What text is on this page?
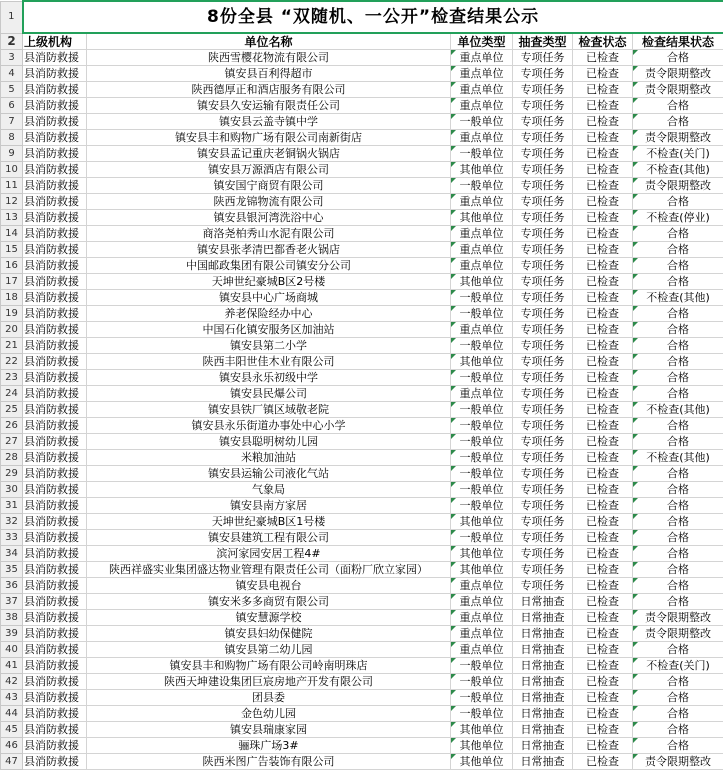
1	8份全县 “双随机、一公开”检查结果公示					
2	上级机构	单位名称	单位类型	抽查类型	检查状态	检查结果状态
3	县消防救援	陕西雪樱花物流有限公司	重点单位	专项任务	已检查	合格
4	县消防救援	镇安县百利得超市	重点单位	专项任务	已检查	责令限期整改
5	县消防救援	陕西德厚正和酒店服务有限公司	重点单位	专项任务	已检查	责令限期整改
6	县消防救援	镇安县久安运输有限责任公司	重点单位	专项任务	已检查	合格
7	县消防救援	镇安县云盖寺镇中学	一般单位	专项任务	已检查	合格
8	县消防救援	镇安县丰和购物广场有限公司南新街店	重点单位	专项任务	已检查	责令限期整改
9	县消防救援	镇安县孟记重庆老铜锅火锅店	一般单位	专项任务	已检查	不检查(关门)
10	县消防救援	镇安县万源酒店有限公司	其他单位	专项任务	已检查	不检查(其他)
11	县消防救援	镇安国宁商贸有限公司	一般单位	专项任务	已检查	责令限期整改
12	县消防救援	陕西龙锦物流有限公司	重点单位	专项任务	已检查	合格
13	县消防救援	镇安县银河湾洗浴中心	其他单位	专项任务	已检查	不检查(停业)
14	县消防救援	商洛尧柏秀山水泥有限公司	重点单位	专项任务	已检查	合格
15	县消防救援	镇安县张孝清巴都香老火锅店	重点单位	专项任务	已检查	合格
16	县消防救援	中国邮政集团有限公司镇安分公司	重点单位	专项任务	已检查	合格
17	县消防救援	天坤世纪豪城B区2号楼	其他单位	专项任务	已检查	合格
18	县消防救援	镇安县中心广场商城	一般单位	专项任务	已检查	不检查(其他)
19	县消防救援	养老保险经办中心	一般单位	专项任务	已检查	合格
20	县消防救援	中国石化镇安服务区加油站	重点单位	专项任务	已检查	合格
21	县消防救援	镇安县第二小学	一般单位	专项任务	已检查	合格
22	县消防救援	陕西丰阳世佳木业有限公司	其他单位	专项任务	已检查	合格
23	县消防救援	镇安县永乐初级中学	一般单位	专项任务	已检查	合格
24	县消防救援	镇安县民爆公司	重点单位	专项任务	已检查	合格
25	县消防救援	镇安县铁厂镇区域敬老院	一般单位	专项任务	已检查	不检查(其他)
26	县消防救援	镇安县永乐街道办事处中心小学	一般单位	专项任务	已检查	合格
27	县消防救援	镇安县聪明树幼儿园	一般单位	专项任务	已检查	合格
28	县消防救援	米粮加油站	一般单位	专项任务	已检查	不检查(其他)
29	县消防救援	镇安县运输公司液化气站	一般单位	专项任务	已检查	合格
30	县消防救援	气象局	一般单位	专项任务	已检查	合格
31	县消防救援	镇安县南方家居	一般单位	专项任务	已检查	合格
32	县消防救援	天坤世纪豪城B区1号楼	其他单位	专项任务	已检查	合格
33	县消防救援	镇安县建筑工程有限公司	一般单位	专项任务	已检查	合格
34	县消防救援	滨河家园安居工程4#	其他单位	专项任务	已检查	合格
35	县消防救援	陕西祥盛实业集团盛达物业管理有限责任公司（面粉厂欣立家园）	其他单位	专项任务	已检查	合格
36	县消防救援	镇安县电视台	重点单位	专项任务	已检查	合格
37	县消防救援	镇安米多多商贸有限公司	重点单位	日常抽查	已检查	合格
38	县消防救援	镇安慧源学校	重点单位	日常抽查	已检查	责令限期整改
39	县消防救援	镇安县妇幼保健院	重点单位	日常抽查	已检查	责令限期整改
40	县消防救援	镇安县第二幼儿园	重点单位	日常抽查	已检查	合格
41	县消防救援	镇安县丰和购物广场有限公司岭南明珠店	一般单位	日常抽查	已检查	不检查(关门)
42	县消防救援	陕西天坤建设集团巨宸房地产开发有限公司	一般单位	日常抽查	已检查	合格
43	县消防救援	团县委	一般单位	日常抽查	已检查	合格
44	县消防救援	金色幼儿园	一般单位	日常抽查	已检查	合格
45	县消防救援	镇安县瑞康家园	其他单位	日常抽查	已检查	合格
46	县消防救援	骊珠广场3#	其他单位	日常抽查	已检查	合格
47	县消防救援	陕西米图广告装饰有限公司	其他单位	日常抽查	已检查	责令限期整改
